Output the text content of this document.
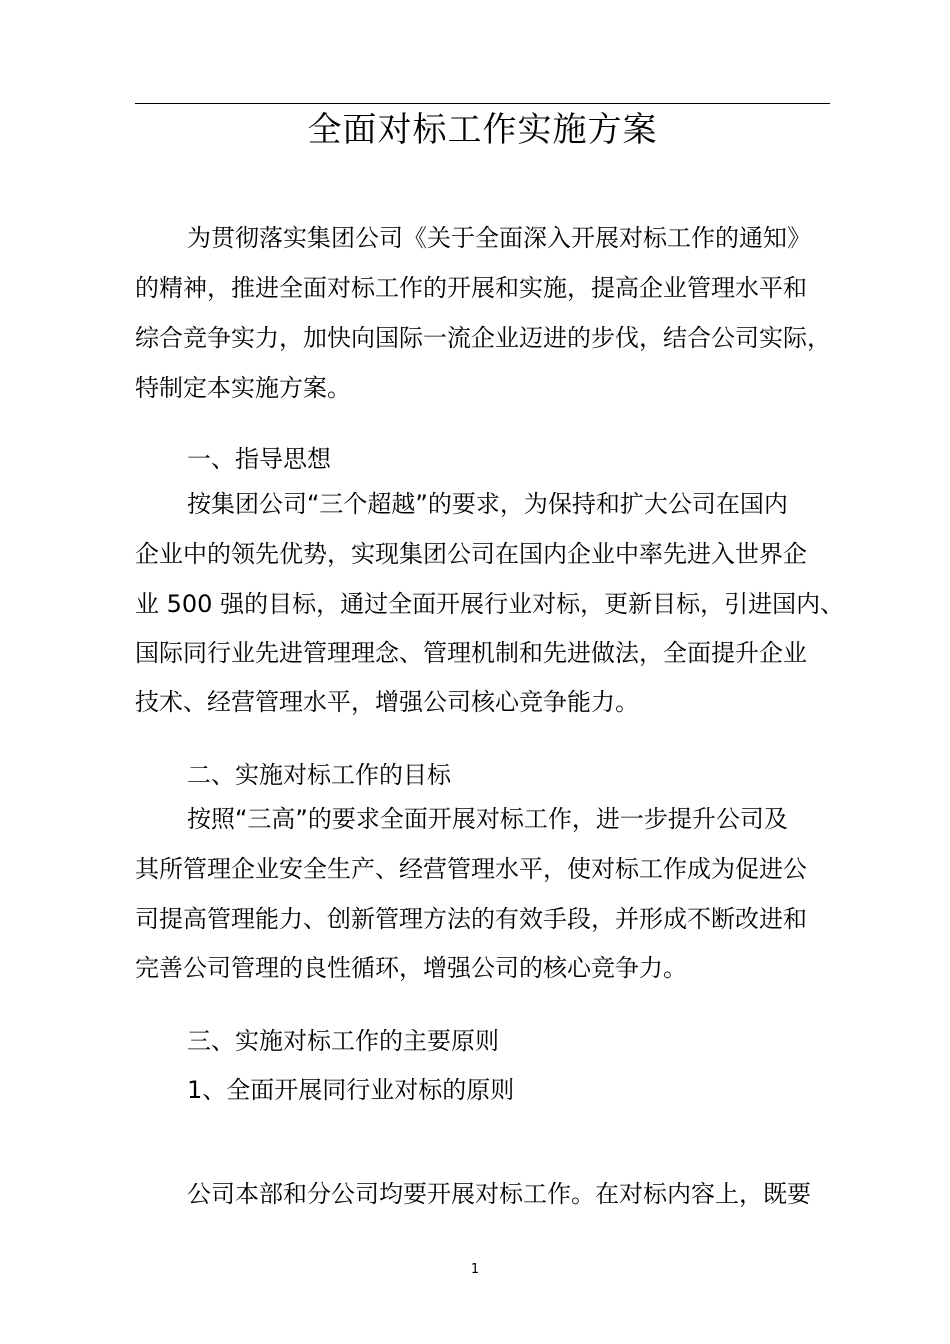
全面对标工作实施方案
为贯彻落实集团公司《关于全面深入开展对标工作的通知》
的精神，推进全面对标工作的开展和实施，提高企业管理水平和
综合竞争实力，加快向国际一流企业迈进的步伐，结合公司实际，
特制定本实施方案。
一、指导思想
按集团公司“三个超越”的要求，为保持和扩大公司在国内
企业中的领先优势，实现集团公司在国内企业中率先进入世界企
业 500 强的目标，通过全面开展行业对标，更新目标，引进国内、
国际同行业先进管理理念、管理机制和先进做法，全面提升企业
技术、经营管理水平，增强公司核心竞争能力。
二、实施对标工作的目标
按照“三高”的要求全面开展对标工作，进一步提升公司及
其所管理企业安全生产、经营管理水平，使对标工作成为促进公
司提高管理能力、创新管理方法的有效手段，并形成不断改进和
完善公司管理的良性循环，增强公司的核心竞争力。
三、实施对标工作的主要原则
1、全面开展同行业对标的原则
公司本部和分公司均要开展对标工作。在对标内容上，既要
1
